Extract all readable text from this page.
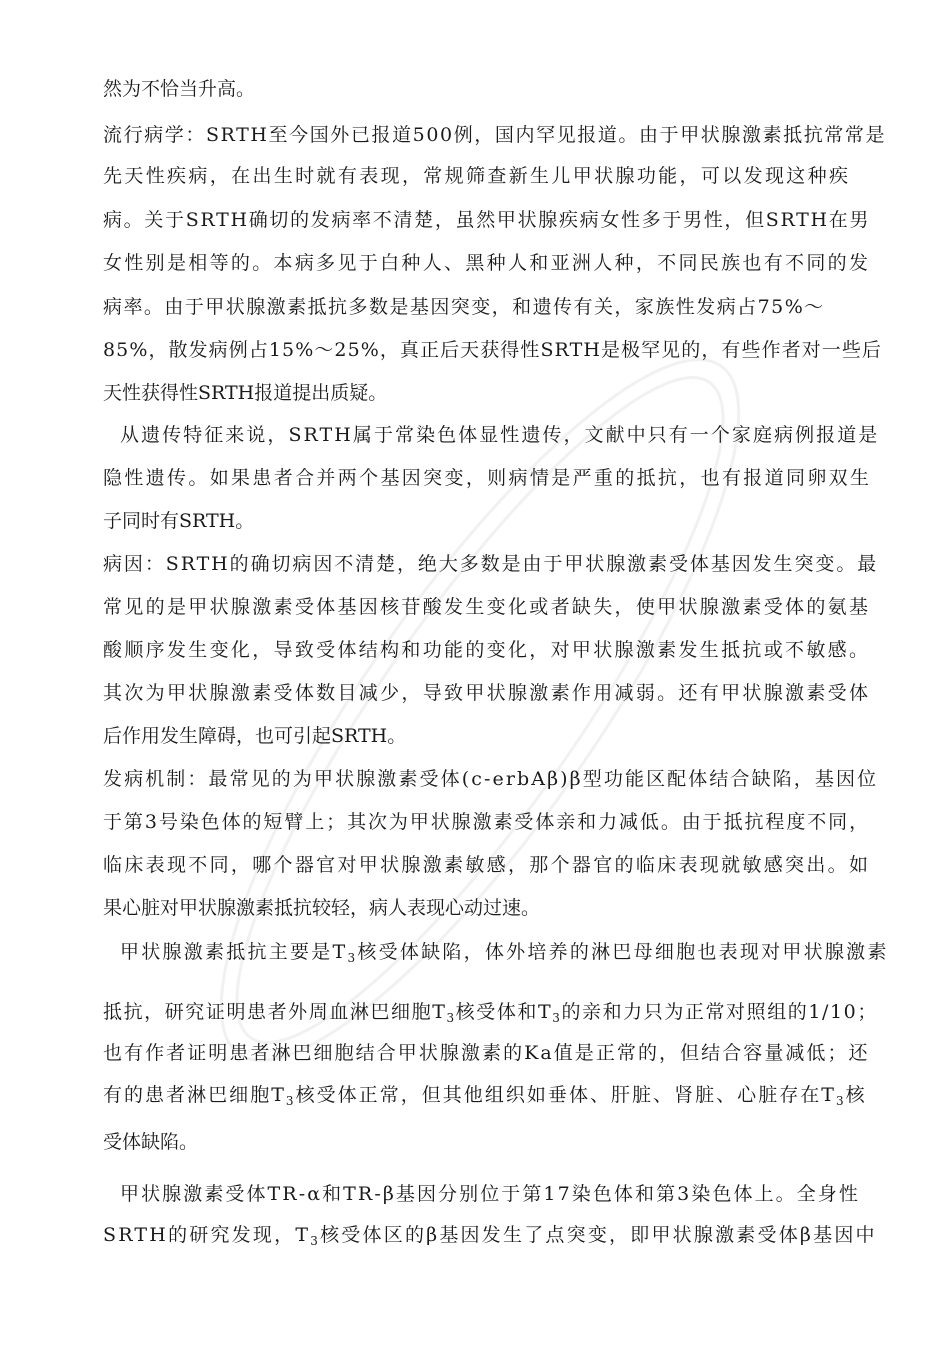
然为不恰当升高。
流行病学：SRTH至今国外已报道500例，国内罕见报道。由于甲状腺激素抵抗常常是
先天性疾病，在出生时就有表现，常规筛查新生儿甲状腺功能，可以发现这种疾
病。关于SRTH确切的发病率不清楚，虽然甲状腺疾病女性多于男性，但SRTH在男
女性别是相等的。本病多见于白种人、黑种人和亚洲人种，不同民族也有不同的发
病率。由于甲状腺激素抵抗多数是基因突变，和遗传有关，家族性发病占75%～
85%，散发病例占15%～25%，真正后天获得性SRTH是极罕见的，有些作者对一些后
天性获得性SRTH报道提出质疑。
从遗传特征来说，SRTH属于常染色体显性遗传，文献中只有一个家庭病例报道是
隐性遗传。如果患者合并两个基因突变，则病情是严重的抵抗，也有报道同卵双生
子同时有SRTH。
病因：SRTH的确切病因不清楚，绝大多数是由于甲状腺激素受体基因发生突变。最
常见的是甲状腺激素受体基因核苷酸发生变化或者缺失，使甲状腺激素受体的氨基
酸顺序发生变化，导致受体结构和功能的变化，对甲状腺激素发生抵抗或不敏感。
其次为甲状腺激素受体数目减少，导致甲状腺激素作用减弱。还有甲状腺激素受体
后作用发生障碍，也可引起SRTH。
发病机制：最常见的为甲状腺激素受体(c-erbAβ)β型功能区配体结合缺陷，基因位
于第3号染色体的短臂上；其次为甲状腺激素受体亲和力减低。由于抵抗程度不同，
临床表现不同，哪个器官对甲状腺激素敏感，那个器官的临床表现就敏感突出。如
果心脏对甲状腺激素抵抗较轻，病人表现心动过速。
甲状腺激素抵抗主要是$T_3$核受体缺陷，体外培养的淋巴母细胞也表现对甲状腺激素
抵抗，研究证明患者外周血淋巴细胞$T_3$核受体和$T_3$的亲和力只为正常对照组的1/10；
也有作者证明患者淋巴细胞结合甲状腺激素的Ka值是正常的，但结合容量减低；还
有的患者淋巴细胞$T_3$核受体正常，但其他组织如垂体、肝脏、肾脏、心脏存在$T_3$核
受体缺陷。
甲状腺激素受体TR-α和TR-β基因分别位于第17染色体和第3染色体上。全身性
SRTH的研究发现，$T_3$核受体区的β基因发生了点突变，即甲状腺激素受体β基因中
